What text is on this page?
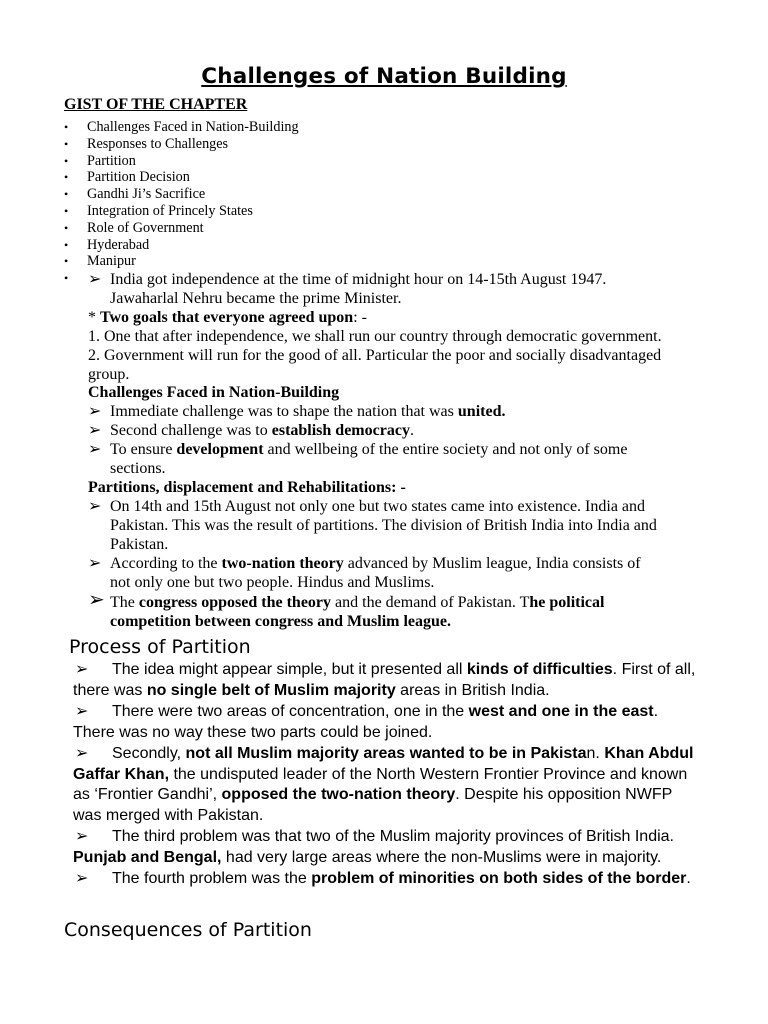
Challenges of Nation Building
GIST OF THE CHAPTER
• Challenges Faced in Nation-Building
• Responses to Challenges
• Partition
• Partition Decision
• Gandhi Ji’s Sacrifice
• Integration of Princely States
• Role of Government
• Hyderabad
• Manipur
• ➢ India got independence at the time of midnight hour on 14-15th August 1947.
Jawaharlal Nehru became the prime Minister.
* Two goals that everyone agreed upon: -
1. One that after independence, we shall run our country through democratic government.
2. Government will run for the good of all. Particular the poor and socially disadvantaged
group.
Challenges Faced in Nation-Building
➢ Immediate challenge was to shape the nation that was united.
➢ Second challenge was to establish democracy.
➢ To ensure development and wellbeing of the entire society and not only of some
sections.
Partitions, displacement and Rehabilitations: -
➢ On 14th and 15th August not only one but two states came into existence. India and
Pakistan. This was the result of partitions. The division of British India into India and
Pakistan.
➢ According to the two-nation theory advanced by Muslim league, India consists of
not only one but two people. Hindus and Muslims.
➢ The congress opposed the theory and the demand of Pakistan. The political
competition between congress and Muslim league.
Process of Partition
➢ The idea might appear simple, but it presented all kinds of difficulties. First of all,
there was no single belt of Muslim majority areas in British India.
➢ There were two areas of concentration, one in the west and one in the east.
There was no way these two parts could be joined.
➢ Secondly, not all Muslim majority areas wanted to be in Pakistan. Khan Abdul
Gaffar Khan, the undisputed leader of the North Western Frontier Province and known
as ‘Frontier Gandhi’, opposed the two-nation theory. Despite his opposition NWFP
was merged with Pakistan.
➢ The third problem was that two of the Muslim majority provinces of British India.
Punjab and Bengal, had very large areas where the non-Muslims were in majority.
➢ The fourth problem was the problem of minorities on both sides of the border.
Consequences of Partition
